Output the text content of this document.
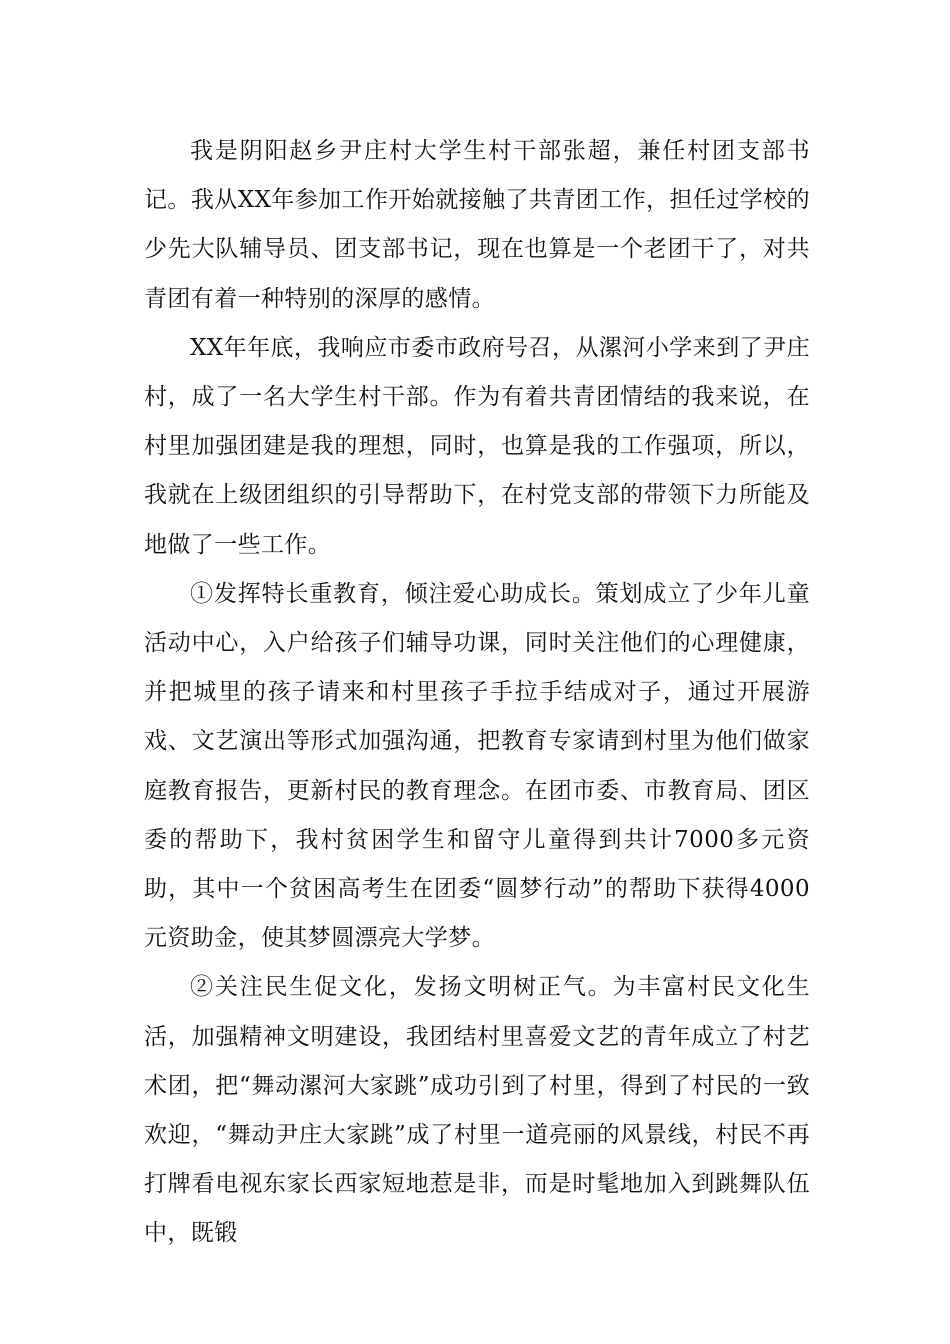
我是阴阳赵乡尹庄村大学生村干部张超，兼任村团支部书记。我从XX年参加工作开始就接触了共青团工作，担任过学校的少先大队辅导员、团支部书记，现在也算是一个老团干了，对共青团有着一种特别的深厚的感情。

XX年年底，我响应市委市政府号召，从漯河小学来到了尹庄村，成了一名大学生村干部。作为有着共青团情结的我来说，在村里加强团建是我的理想，同时，也算是我的工作强项，所以，我就在上级团组织的引导帮助下，在村党支部的带领下力所能及地做了一些工作。

①发挥特长重教育，倾注爱心助成长。策划成立了少年儿童活动中心，入户给孩子们辅导功课，同时关注他们的心理健康，并把城里的孩子请来和村里孩子手拉手结成对子，通过开展游戏、文艺演出等形式加强沟通，把教育专家请到村里为他们做家庭教育报告，更新村民的教育理念。在团市委、市教育局、团区委的帮助下，我村贫困学生和留守儿童得到共计7000多元资助，其中一个贫困高考生在团委“圆梦行动”的帮助下获得4000元资助金，使其梦圆漂亮大学梦。

②关注民生促文化，发扬文明树正气。为丰富村民文化生活，加强精神文明建设，我团结村里喜爱文艺的青年成立了村艺术团，把“舞动漯河大家跳”成功引到了村里，得到了村民的一致欢迎，“舞动尹庄大家跳”成了村里一道亮丽的风景线，村民不再打牌看电视东家长西家短地惹是非，而是时髦地加入到跳舞队伍中，既锻
